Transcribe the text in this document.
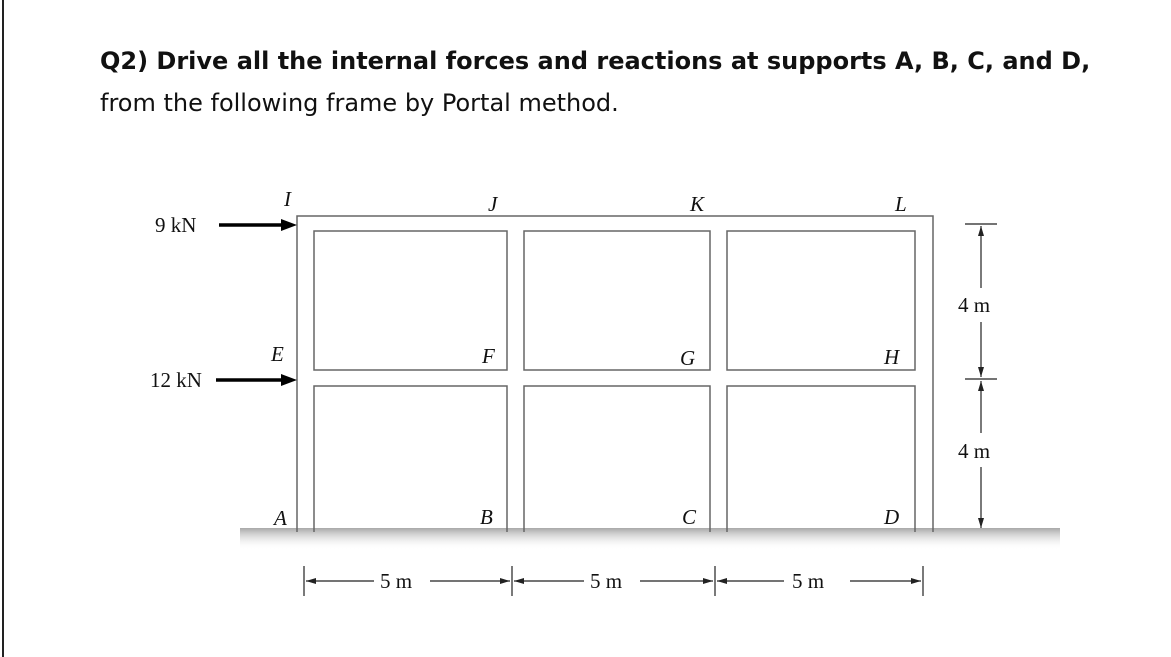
Q2) Drive all the internal forces and reactions at supports A, B, C, and D, from the following frame by Portal method.
I	J	K	L
E	F	G	H
A	B	C	D
9 kN
12 kN
5 m	5 m	5 m
4 m
4 m
